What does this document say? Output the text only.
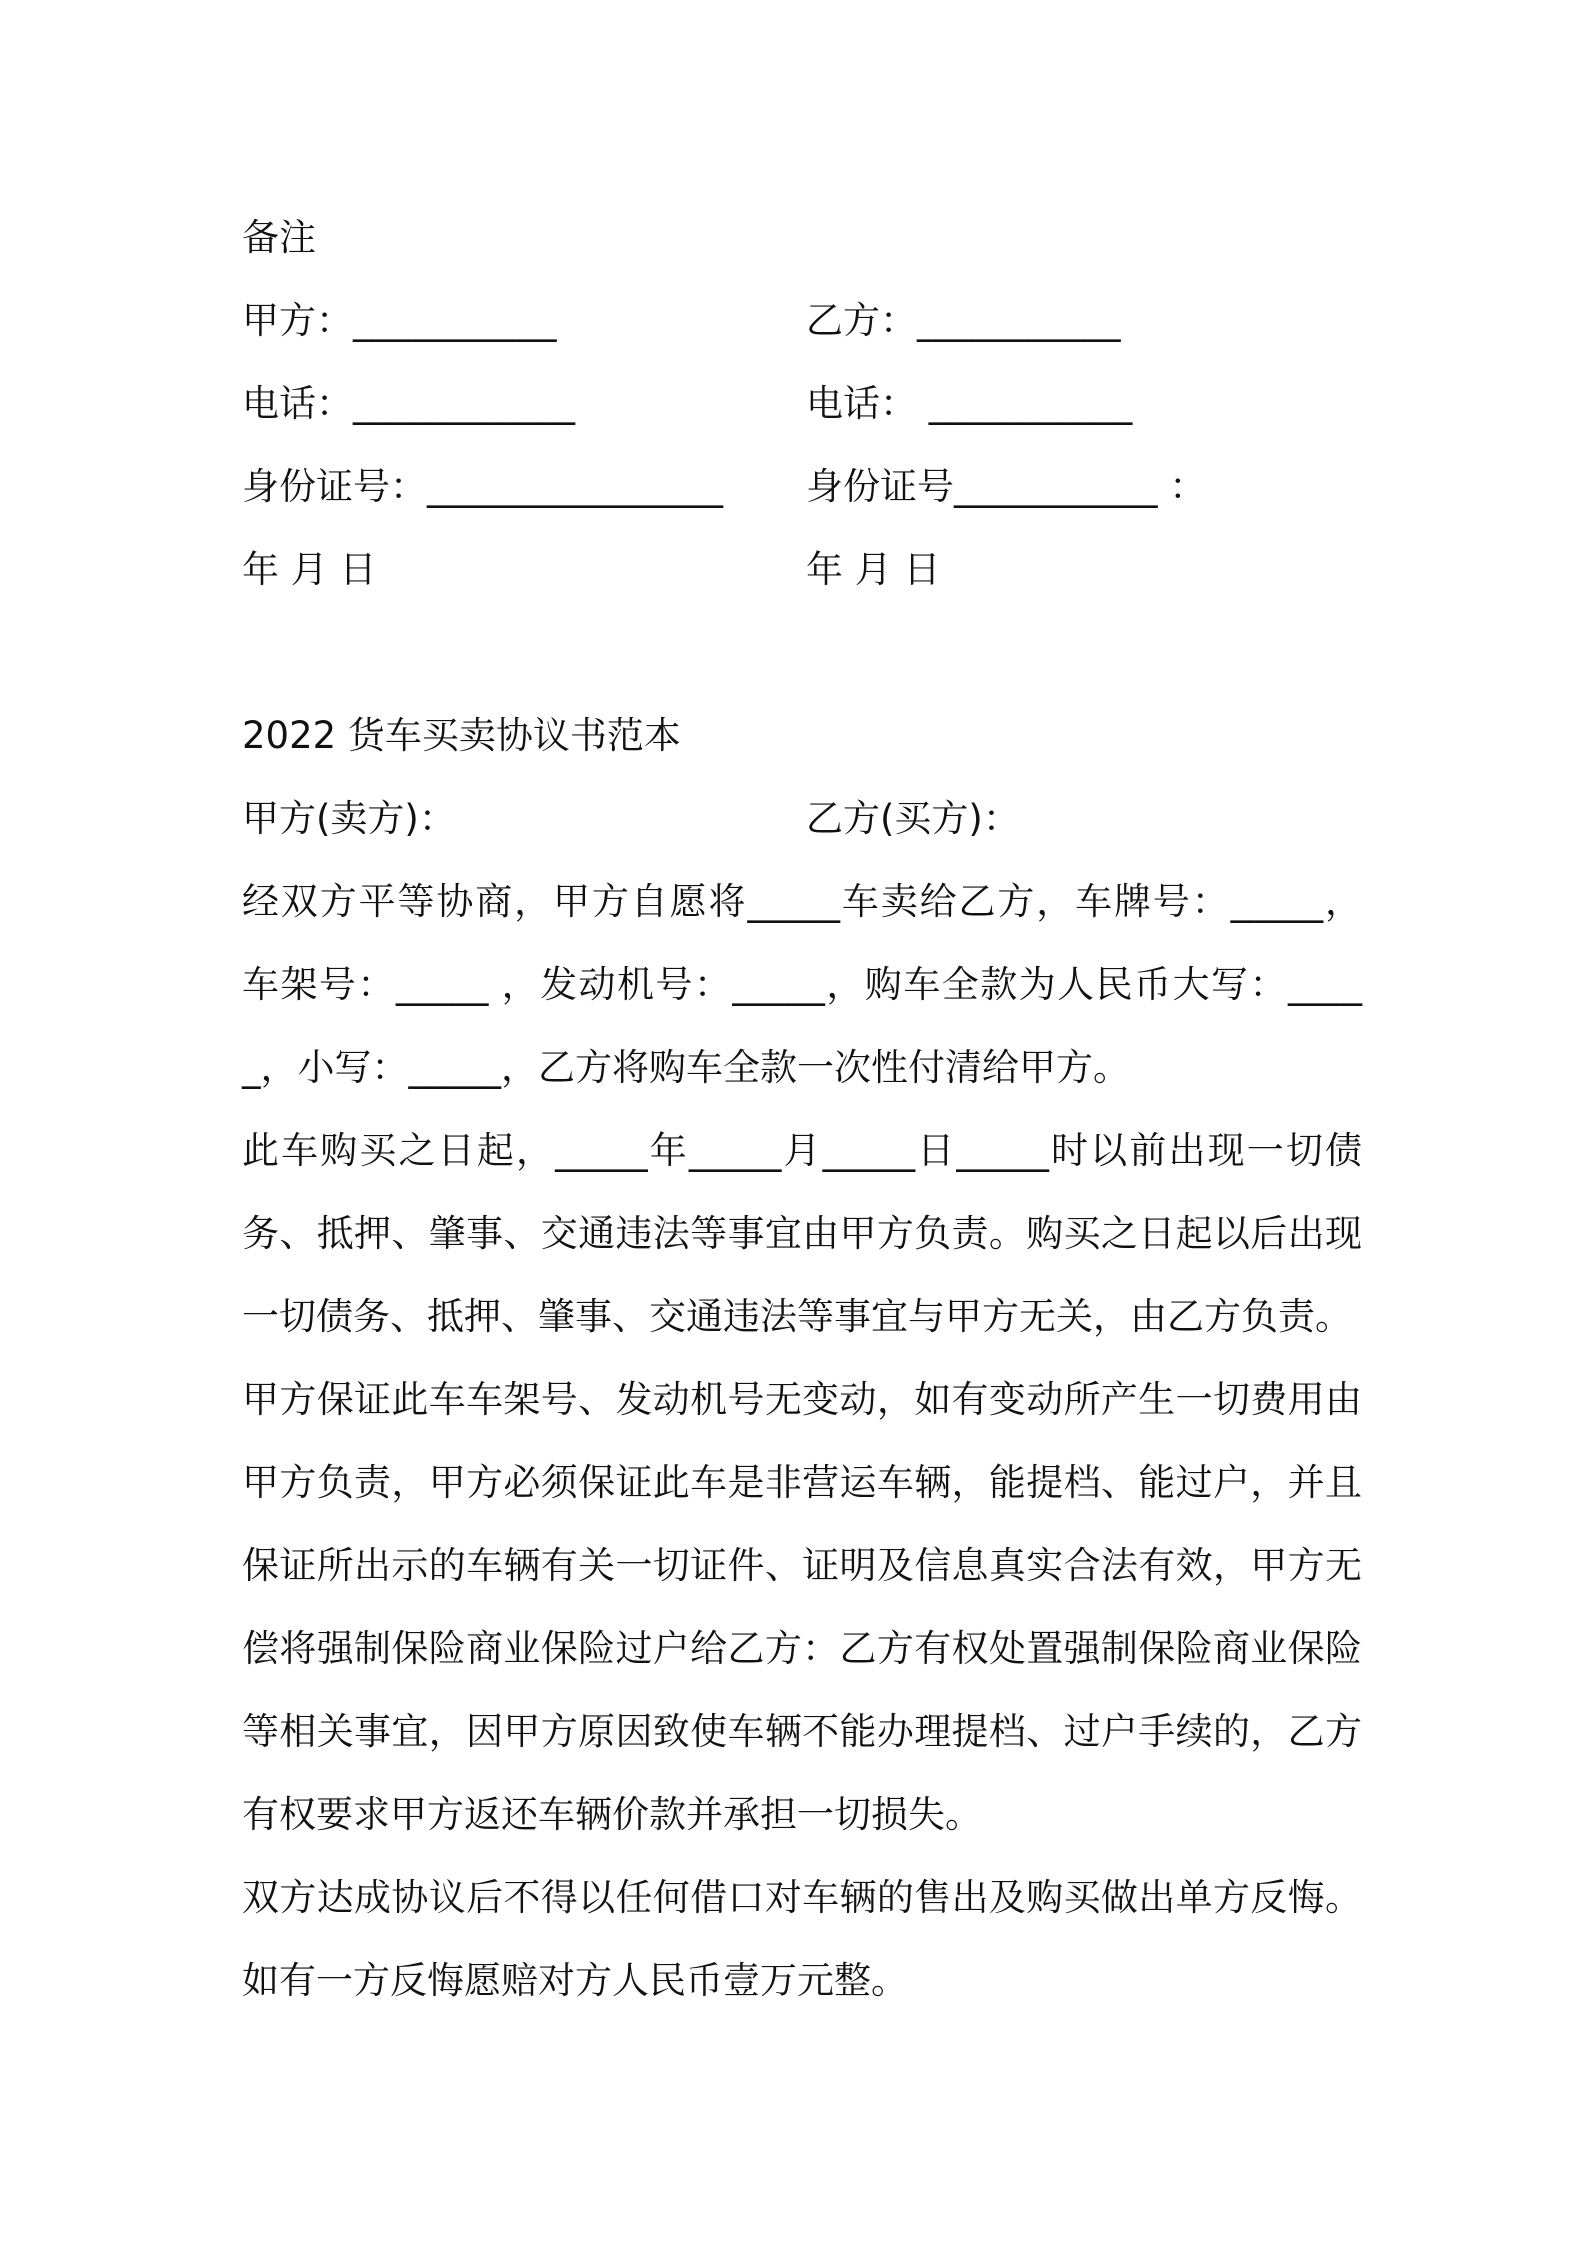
备注
甲方：___________	乙方：___________
电话：____________	电话： ___________
身份证号：________________ 身份证号___________ ：
年 月 日	年 月 日
2022 货车买卖协议书范本
甲方(卖方)：	乙方(买方)：
经双方平等协商，甲方自愿将_____车卖给乙方，车牌号：_____， 车架号：_____ ，发动机号：_____，购车全款为人民币大写：_____，小写：_____，乙方将购车全款一次性付清给甲方。
此车购买之日起，_____年_____月_____日_____时以前出现一切债务、抵押、肇事、交通违法等事宜由甲方负责。购买之日起以后出现一切债务、抵押、肇事、交通违法等事宜与甲方无关，由乙方负责。
甲方保证此车车架号、发动机号无变动，如有变动所产生一切费用由甲方负责，甲方必须保证此车是非营运车辆，能提档、能过户，并且保证所出示的车辆有关一切证件、证明及信息真实合法有效，甲方无偿将强制保险商业保险过户给乙方：乙方有权处置强制保险商业保险等相关事宜，因甲方原因致使车辆不能办理提档、过户手续的，乙方有权要求甲方返还车辆价款并承担一切损失。
双方达成协议后不得以任何借口对车辆的售出及购买做出单方反悔。如有一方反悔愿赔对方人民币壹万元整。
